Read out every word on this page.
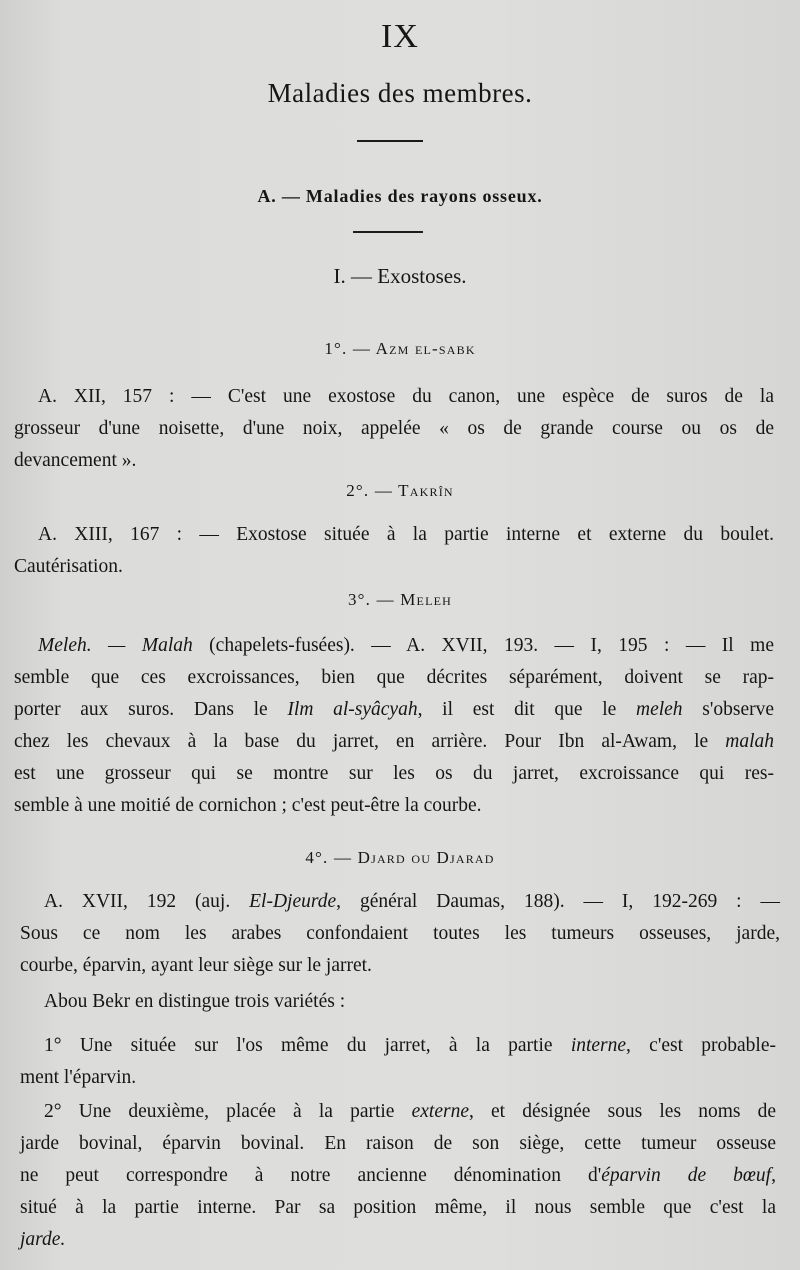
IX
Maladies des membres.
A. — Maladies des rayons osseux.
I. — Exostoses.
1°. — Azm el-sabk
A. XII, 157 : — C'est une exostose du canon, une espèce de suros de la
grosseur d'une noisette, d'une noix, appelée « os de grande course ou os de
devancement ».
2°. — Takrîn
A. XIII, 167 : — Exostose située à la partie interne et externe du boulet.
Cautérisation.
3°. — Meleh
Meleh. — Malah (chapelets-fusées). — A. XVII, 193. — I, 195 : — Il me
semble que ces excroissances, bien que décrites séparément, doivent se rap-
porter aux suros. Dans le Ilm al-syâcyah, il est dit que le meleh s'observe
chez les chevaux à la base du jarret, en arrière. Pour Ibn al-Awam, le malah
est une grosseur qui se montre sur les os du jarret, excroissance qui res-
semble à une moitié de cornichon ; c'est peut-être la courbe.
4°. — Djard ou Djarad
A. XVII, 192 (auj. El-Djeurde, général Daumas, 188). — I, 192-269 : —
Sous ce nom les arabes confondaient toutes les tumeurs osseuses, jarde,
courbe, éparvin, ayant leur siège sur le jarret.
Abou Bekr en distingue trois variétés :
1° Une située sur l'os même du jarret, à la partie interne, c'est probable-
ment l'éparvin.
2° Une deuxième, placée à la partie externe, et désignée sous les noms de
jarde bovinal, éparvin bovinal. En raison de son siège, cette tumeur osseuse
ne peut correspondre à notre ancienne dénomination d'éparvin de bœuf,
situé à la partie interne. Par sa position même, il nous semble que c'est la
jarde.
